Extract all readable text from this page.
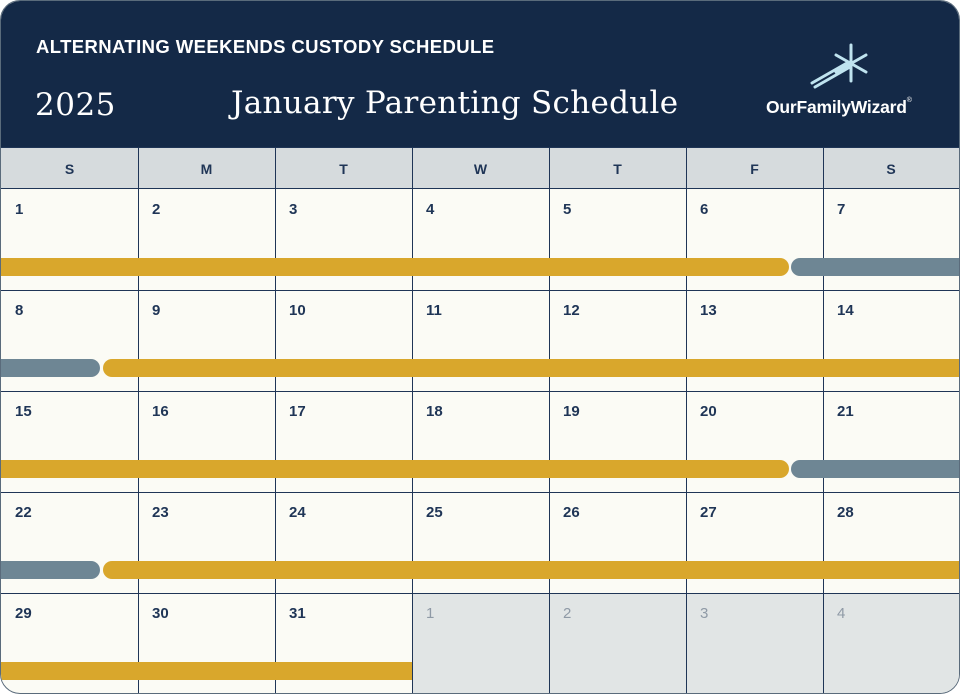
ALTERNATING WEEKENDS CUSTODY SCHEDULE
2025	January Parenting Schedule	OurFamilyWizard®
S	M	T	W	T	F	S
1	2	3	4	5	6	7
8	9	10	11	12	13	14
15	16	17	18	19	20	21
22	23	24	25	26	27	28
29	30	31	1	2	3	4
